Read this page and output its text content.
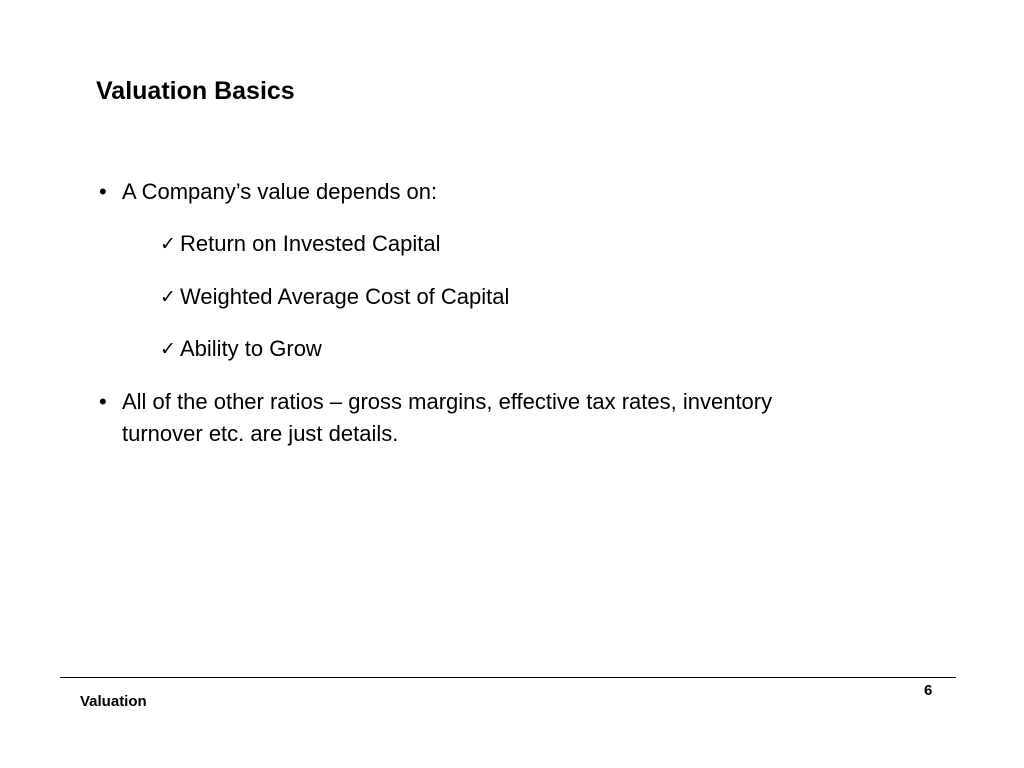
Valuation Basics
• A Company’s value depends on:
✓ Return on Invested Capital
✓ Weighted Average Cost of Capital
✓ Ability to Grow
• All of the other ratios – gross margins, effective tax rates, inventory turnover etc. are just details.
Valuation
6
